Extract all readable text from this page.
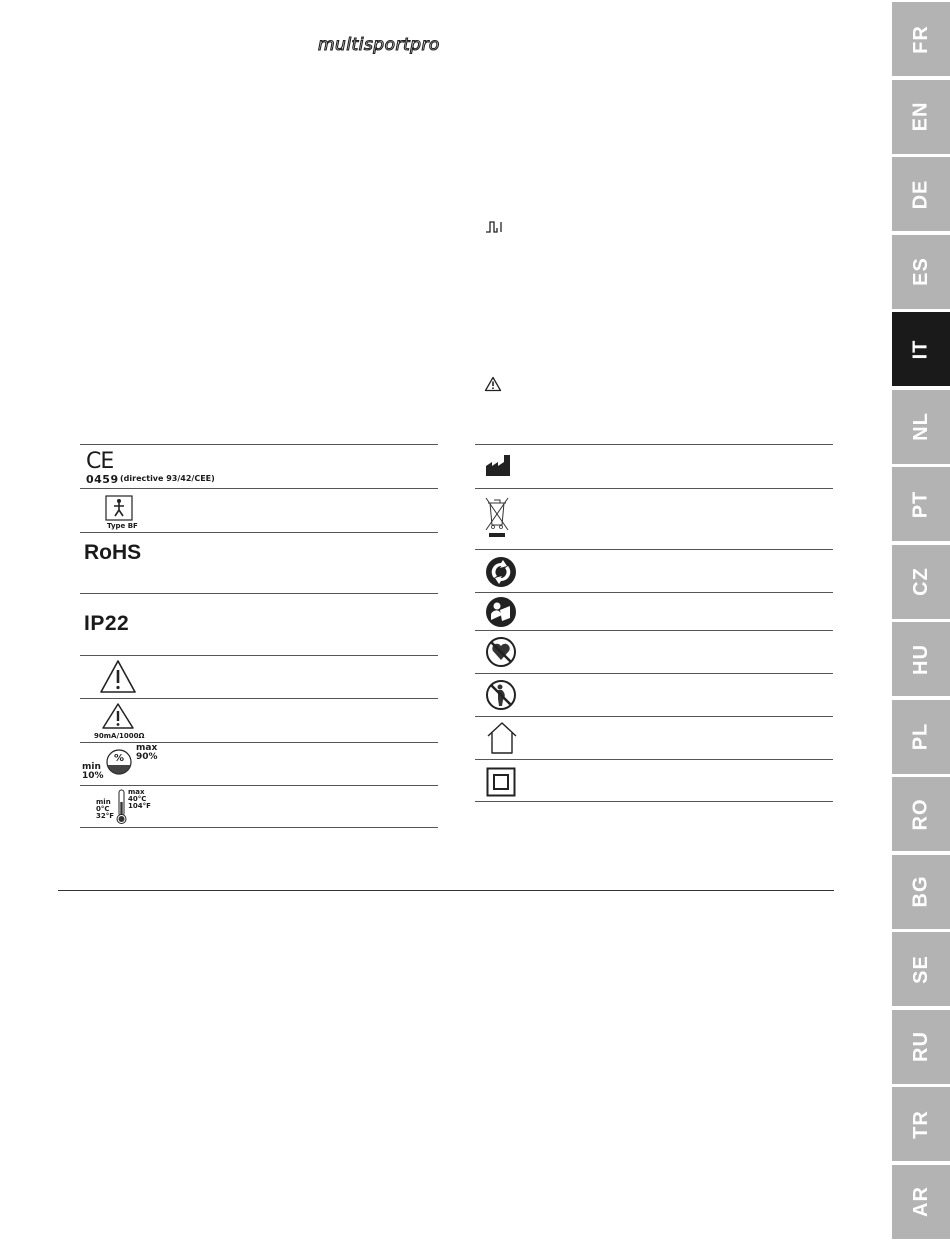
multisportpro
CE
0459 (directive 93/42/CEE)
Type BF
RoHS
IP22
90mA/1000Ω
%
min
10%
max
90%
min
0°C
32°F
max
40°C
104°F
FR
EN
DE
ES
IT
NL
PT
CZ
HU
PL
RO
BG
SE
RU
TR
AR
